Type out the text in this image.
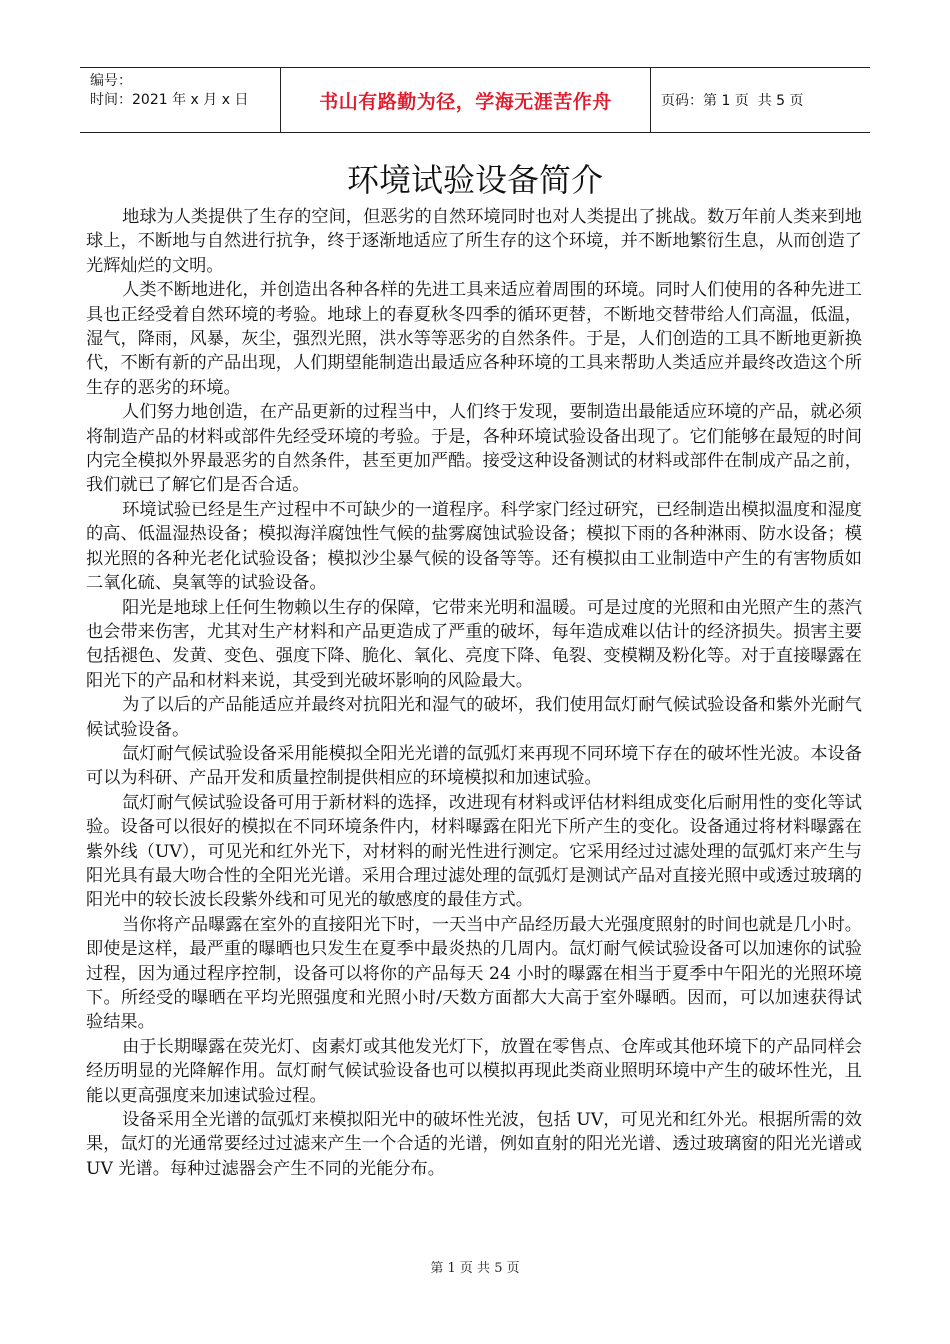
编号：
时间：2021 年 x 月 x 日	书山有路勤为径，学海无涯苦作舟	页码：第 1 页  共 5 页
环境试验设备简介

地球为人类提供了生存的空间，但恶劣的自然环境同时也对人类提出了挑战。数万年前人类来到地球上，不断地与自然进行抗争，终于逐渐地适应了所生存的这个环境，并不断地繁衍生息，从而创造了光辉灿烂的文明。

人类不断地进化，并创造出各种各样的先进工具来适应着周围的环境。同时人们使用的各种先进工具也正经受着自然环境的考验。地球上的春夏秋冬四季的循环更替，不断地交替带给人们高温，低温，湿气，降雨，风暴，灰尘，强烈光照，洪水等等恶劣的自然条件。于是，人们创造的工具不断地更新换代，不断有新的产品出现，人们期望能制造出最适应各种环境的工具来帮助人类适应并最终改造这个所生存的恶劣的环境。

人们努力地创造，在产品更新的过程当中，人们终于发现，要制造出最能适应环境的产品，就必须将制造产品的材料或部件先经受环境的考验。于是，各种环境试验设备出现了。它们能够在最短的时间内完全模拟外界最恶劣的自然条件，甚至更加严酷。接受这种设备测试的材料或部件在制成产品之前，我们就已了解它们是否合适。

环境试验已经是生产过程中不可缺少的一道程序。科学家门经过研究，已经制造出模拟温度和湿度的高、低温湿热设备；模拟海洋腐蚀性气候的盐雾腐蚀试验设备；模拟下雨的各种淋雨、防水设备；模拟光照的各种光老化试验设备；模拟沙尘暴气候的设备等等。还有模拟由工业制造中产生的有害物质如二氧化硫、臭氧等的试验设备。

阳光是地球上任何生物赖以生存的保障，它带来光明和温暖。可是过度的光照和由光照产生的蒸汽也会带来伤害，尤其对生产材料和产品更造成了严重的破坏，每年造成难以估计的经济损失。损害主要包括褪色、发黄、变色、强度下降、脆化、氧化、亮度下降、龟裂、变模糊及粉化等。对于直接曝露在阳光下的产品和材料来说，其受到光破坏影响的风险最大。

为了以后的产品能适应并最终对抗阳光和湿气的破坏，我们使用氙灯耐气候试验设备和紫外光耐气候试验设备。

氙灯耐气候试验设备采用能模拟全阳光光谱的氙弧灯来再现不同环境下存在的破坏性光波。本设备可以为科研、产品开发和质量控制提供相应的环境模拟和加速试验。

氙灯耐气候试验设备可用于新材料的选择，改进现有材料或评估材料组成变化后耐用性的变化等试验。设备可以很好的模拟在不同环境条件内，材料曝露在阳光下所产生的变化。设备通过将材料曝露在紫外线（UV），可见光和红外光下，对材料的耐光性进行测定。它采用经过过滤处理的氙弧灯来产生与阳光具有最大吻合性的全阳光光谱。采用合理过滤处理的氙弧灯是测试产品对直接光照中或透过玻璃的阳光中的较长波长段紫外线和可见光的敏感度的最佳方式。

当你将产品曝露在室外的直接阳光下时，一天当中产品经历最大光强度照射的时间也就是几小时。即使是这样，最严重的曝晒也只发生在夏季中最炎热的几周内。氙灯耐气候试验设备可以加速你的试验过程，因为通过程序控制，设备可以将你的产品每天 24 小时的曝露在相当于夏季中午阳光的光照环境下。所经受的曝晒在平均光照强度和光照小时/天数方面都大大高于室外曝晒。因而，可以加速获得试验结果。

由于长期曝露在荧光灯、卤素灯或其他发光灯下，放置在零售点、仓库或其他环境下的产品同样会经历明显的光降解作用。氙灯耐气候试验设备也可以模拟再现此类商业照明环境中产生的破坏性光，且能以更高强度来加速试验过程。

设备采用全光谱的氙弧灯来模拟阳光中的破坏性光波，包括 UV，可见光和红外光。根据所需的效果，氙灯的光通常要经过过滤来产生一个合适的光谱，例如直射的阳光光谱、透过玻璃窗的阳光光谱或 UV 光谱。每种过滤器会产生不同的光能分布。

第 1 页 共 5 页
